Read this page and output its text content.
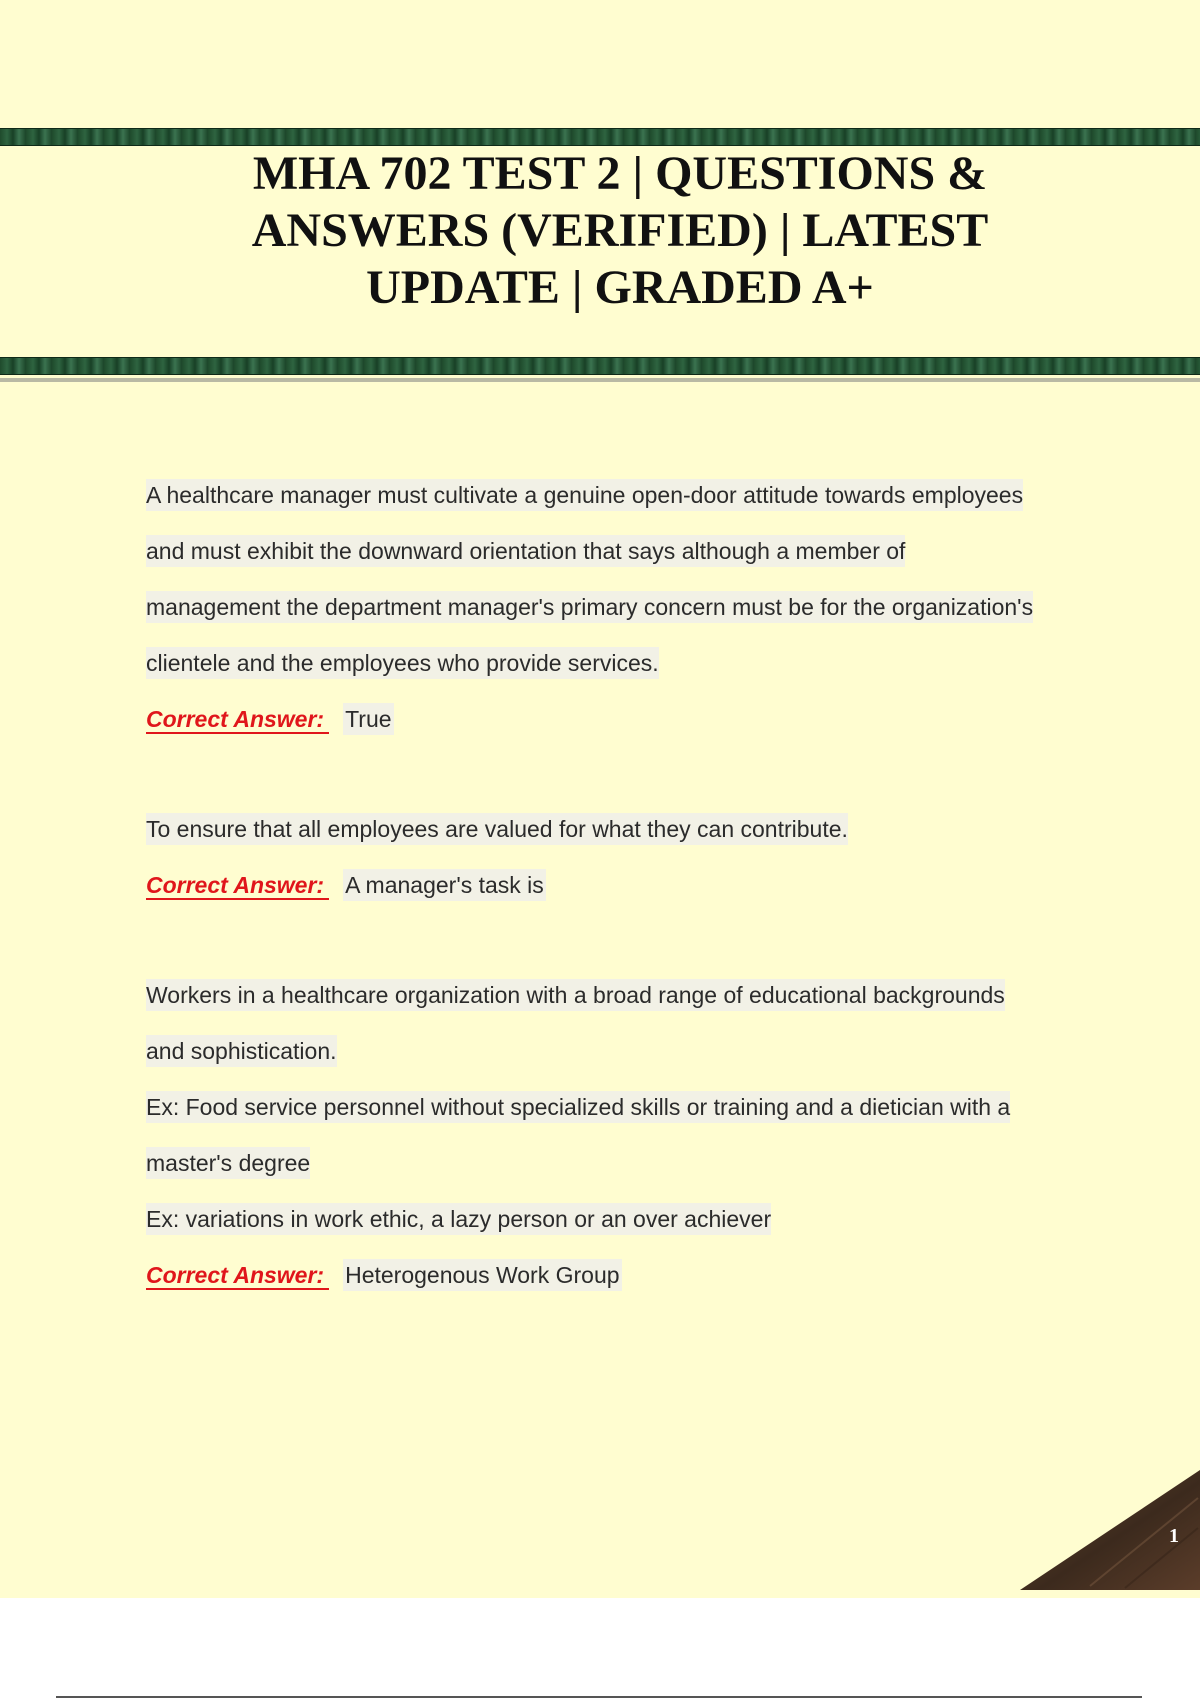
MHA 702 TEST 2 | QUESTIONS & ANSWERS (VERIFIED) | LATEST UPDATE | GRADED A+
A healthcare manager must cultivate a genuine open-door attitude towards employees
and must exhibit the downward orientation that says although a member of
management the department manager's primary concern must be for the organization's
clientele and the employees who provide services.
Correct Answer: True
To ensure that all employees are valued for what they can contribute.
Correct Answer: A manager's task is
Workers in a healthcare organization with a broad range of educational backgrounds
and sophistication.
Ex: Food service personnel without specialized skills or training and a dietician with a
master's degree
Ex: variations in work ethic, a lazy person or an over achiever
Correct Answer: Heterogenous Work Group
1
